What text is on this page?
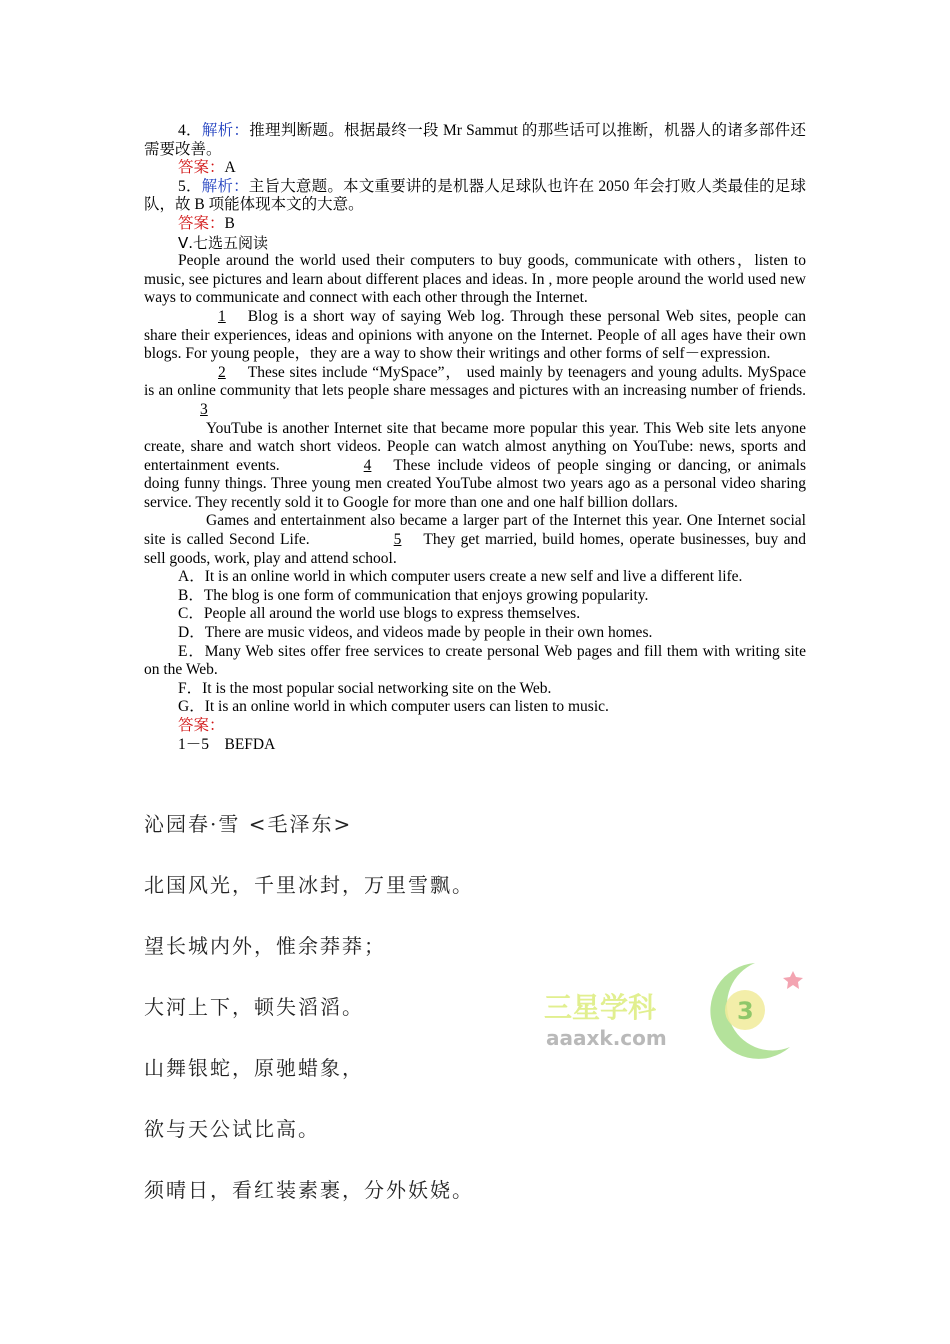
4．解析：推理判断题。根据最终一段 Mr Sammut 的那些话可以推断，机器人的诸多部件还需要改善。

答案：A

5．解析：主旨大意题。本文重要讲的是机器人足球队也许在 2050 年会打败人类最佳的足球队，故 B 项能体现本文的大意。

答案：B

Ⅴ.七选五阅读

People around the world used their computers to buy goods, communicate with others，listen to music, see pictures and learn about different places and ideas. In , more people around the world used new ways to communicate and connect with each other through the Internet.

1 Blog is a short way of saying Web log. Through these personal Web sites, people can share their experiences, ideas and opinions with anyone on the Internet. People of all ages have their own blogs. For young people，they are a way to show their writings and other forms of self－expression.

2 These sites include “MySpace”， used mainly by teenagers and young adults. MySpace is an online community that lets people share messages and pictures with an increasing number of friends.3

YouTube is another Internet site that became more popular this year. This Web site lets anyone create, share and watch short videos. People can watch almost anything on YouTube: news, sports and entertainment events.	4 These include videos of people singing or dancing, or animals doing funny things. Three young men created YouTube almost two years ago as a personal video sharing service. They recently sold it to Google for more than one and one half billion dollars.

Games and entertainment also became a larger part of the Internet this year. One Internet social site is called Second Life.	5 They get married, build homes, operate businesses, buy and sell goods, work, play and attend school.

A．It is an online world in which computer users create a new self and live a different life.

B．The blog is one form of communication that enjoys growing popularity.

C．People all around the world use blogs to express themselves.

D．There are music videos, and videos made by people in their own homes.

E．Many Web sites offer free services to create personal Web pages and fill them with writing site on the Web.

F．It is the most popular social networking site on the Web.

G．It is an online world in which computer users can listen to music.

答案：

1－5　BEFDA

沁园春·雪 <毛泽东>

北国风光，千里冰封，万里雪飘。

望长城内外，惟余莽莽；

大河上下，顿失滔滔。

山舞银蛇，原驰蜡象，

欲与天公试比高。

须晴日，看红装素裹，分外妖娆。

三星学科
aaaxk.com
3
